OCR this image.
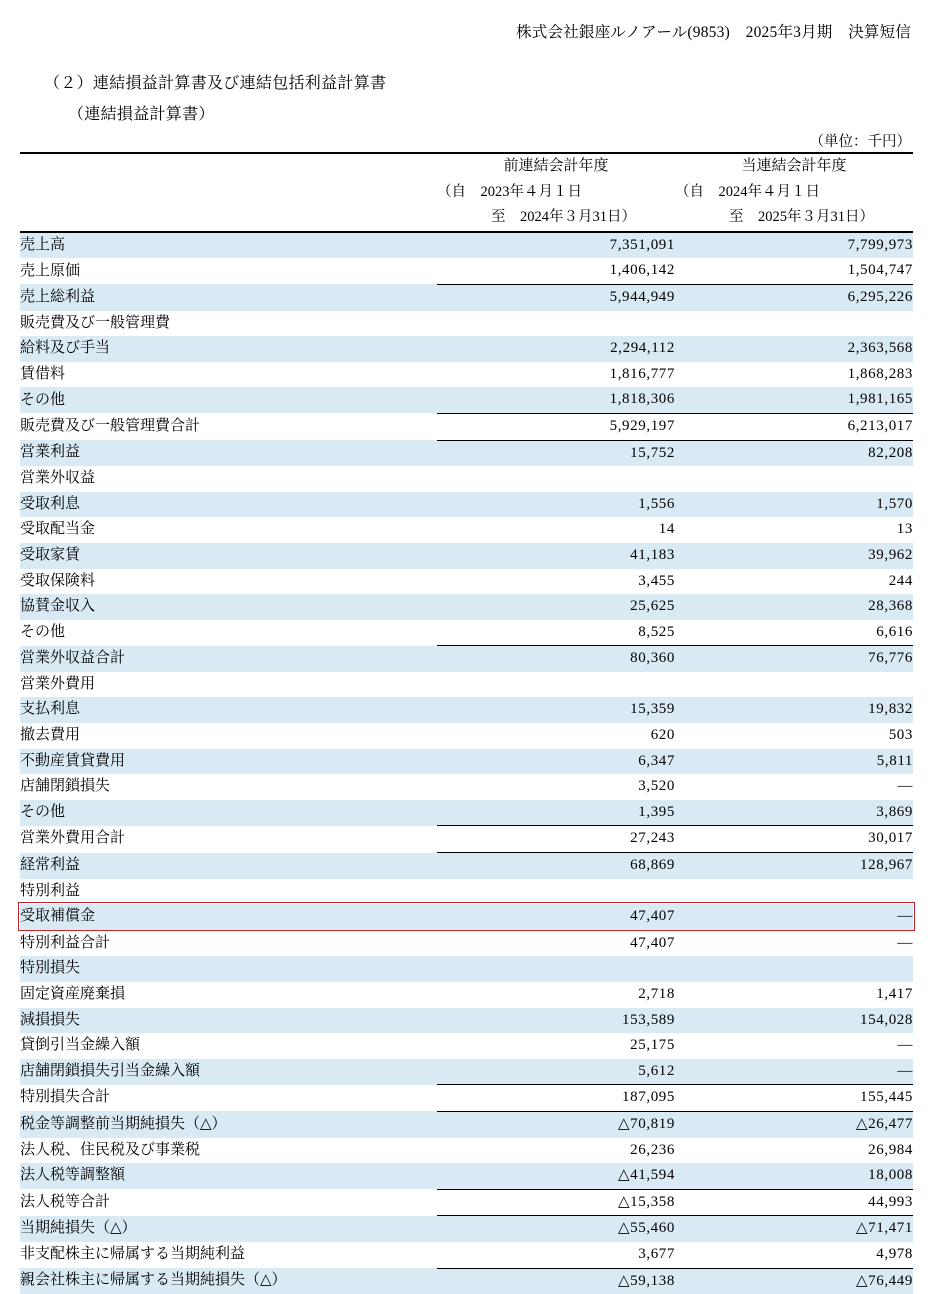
株式会社銀座ルノアール(9853)　2025年3月期　決算短信
（２）連結損益計算書及び連結包括利益計算書
（連結損益計算書）
（単位：千円）
	前連結会計年度	当連結会計年度
	（自　2023年４月１日	（自　2024年４月１日
	至　2024年３月31日）	至　2025年３月31日）
売上高	7,351,091	7,799,973
売上原価	1,406,142	1,504,747
売上総利益	5,944,949	6,295,226
販売費及び一般管理費		
給料及び手当	2,294,112	2,363,568
賃借料	1,816,777	1,868,283
その他	1,818,306	1,981,165
販売費及び一般管理費合計	5,929,197	6,213,017
営業利益	15,752	82,208
営業外収益		
受取利息	1,556	1,570
受取配当金	14	13
受取家賃	41,183	39,962
受取保険料	3,455	244
協賛金収入	25,625	28,368
その他	8,525	6,616
営業外収益合計	80,360	76,776
営業外費用		
支払利息	15,359	19,832
撤去費用	620	503
不動産賃貸費用	6,347	5,811
店舗閉鎖損失	3,520	―
その他	1,395	3,869
営業外費用合計	27,243	30,017
経常利益	68,869	128,967
特別利益		
受取補償金	47,407	―
特別利益合計	47,407	―
特別損失		
固定資産廃棄損	2,718	1,417
減損損失	153,589	154,028
貸倒引当金繰入額	25,175	―
店舗閉鎖損失引当金繰入額	5,612	―
特別損失合計	187,095	155,445
税金等調整前当期純損失（△）	△70,819	△26,477
法人税、住民税及び事業税	26,236	26,984
法人税等調整額	△41,594	18,008
法人税等合計	△15,358	44,993
当期純損失（△）	△55,460	△71,471
非支配株主に帰属する当期純利益	3,677	4,978
親会社株主に帰属する当期純損失（△）	△59,138	△76,449
